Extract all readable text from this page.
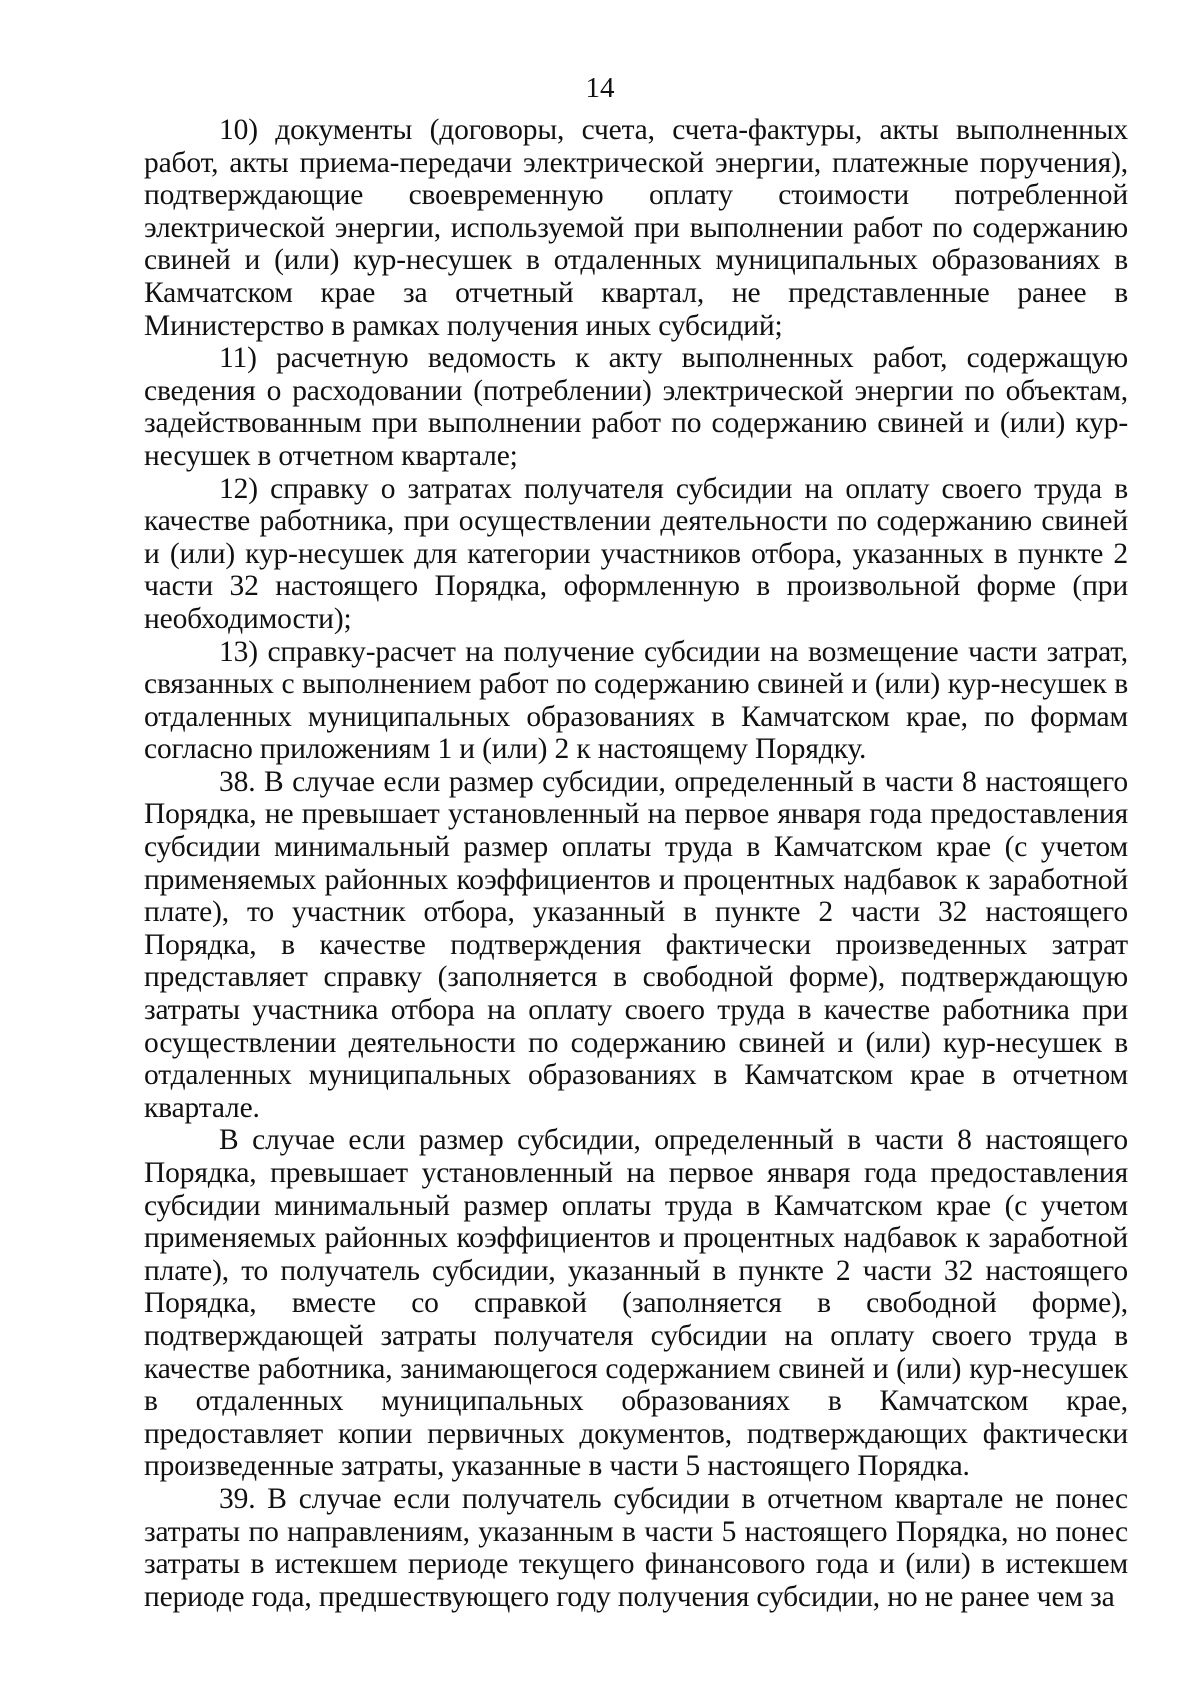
14

10) документы (договоры, счета, счета-фактуры, акты выполненных работ, акты приема-передачи электрической энергии, платежные поручения), подтверждающие своевременную оплату стоимости потребленной электрической энергии, используемой при выполнении работ по содержанию свиней и (или) кур-несушек в отдаленных муниципальных образованиях в Камчатском крае за отчетный квартал, не представленные ранее в Министерство в рамках получения иных субсидий;

11) расчетную ведомость к акту выполненных работ, содержащую сведения о расходовании (потреблении) электрической энергии по объектам, задействованным при выполнении работ по содержанию свиней и (или) кур-несушек в отчетном квартале;

12) справку о затратах получателя субсидии на оплату своего труда в качестве работника, при осуществлении деятельности по содержанию свиней и (или) кур-несушек для категории участников отбора, указанных в пункте 2 части 32 настоящего Порядка, оформленную в произвольной форме (при необходимости);

13) справку-расчет на получение субсидии на возмещение части затрат, связанных с выполнением работ по содержанию свиней и (или) кур-несушек в отдаленных муниципальных образованиях в Камчатском крае, по формам согласно приложениям 1 и (или) 2 к настоящему Порядку.

38. В случае если размер субсидии, определенный в части 8 настоящего Порядка, не превышает установленный на первое января года предоставления субсидии минимальный размер оплаты труда в Камчатском крае (с учетом применяемых районных коэффициентов и процентных надбавок к заработной плате), то участник отбора, указанный в пункте 2 части 32 настоящего Порядка, в качестве подтверждения фактически произведенных затрат представляет справку (заполняется в свободной форме), подтверждающую затраты участника отбора на оплату своего труда в качестве работника при осуществлении деятельности по содержанию свиней и (или) кур-несушек в отдаленных муниципальных образованиях в Камчатском крае в отчетном квартале.

В случае если размер субсидии, определенный в части 8 настоящего Порядка, превышает установленный на первое января года предоставления субсидии минимальный размер оплаты труда в Камчатском крае (с учетом применяемых районных коэффициентов и процентных надбавок к заработной плате), то получатель субсидии, указанный в пункте 2 части 32 настоящего Порядка, вместе со справкой (заполняется в свободной форме), подтверждающей затраты получателя субсидии на оплату своего труда в качестве работника, занимающегося содержанием свиней и (или) кур-несушек в отдаленных муниципальных образованиях в Камчатском крае, предоставляет копии первичных документов, подтверждающих фактически произведенные затраты, указанные в части 5 настоящего Порядка.

39. В случае если получатель субсидии в отчетном квартале не понес затраты по направлениям, указанным в части 5 настоящего Порядка, но понес затраты в истекшем периоде текущего финансового года и (или) в истекшем периоде года, предшествующего году получения субсидии, но не ранее чем за
